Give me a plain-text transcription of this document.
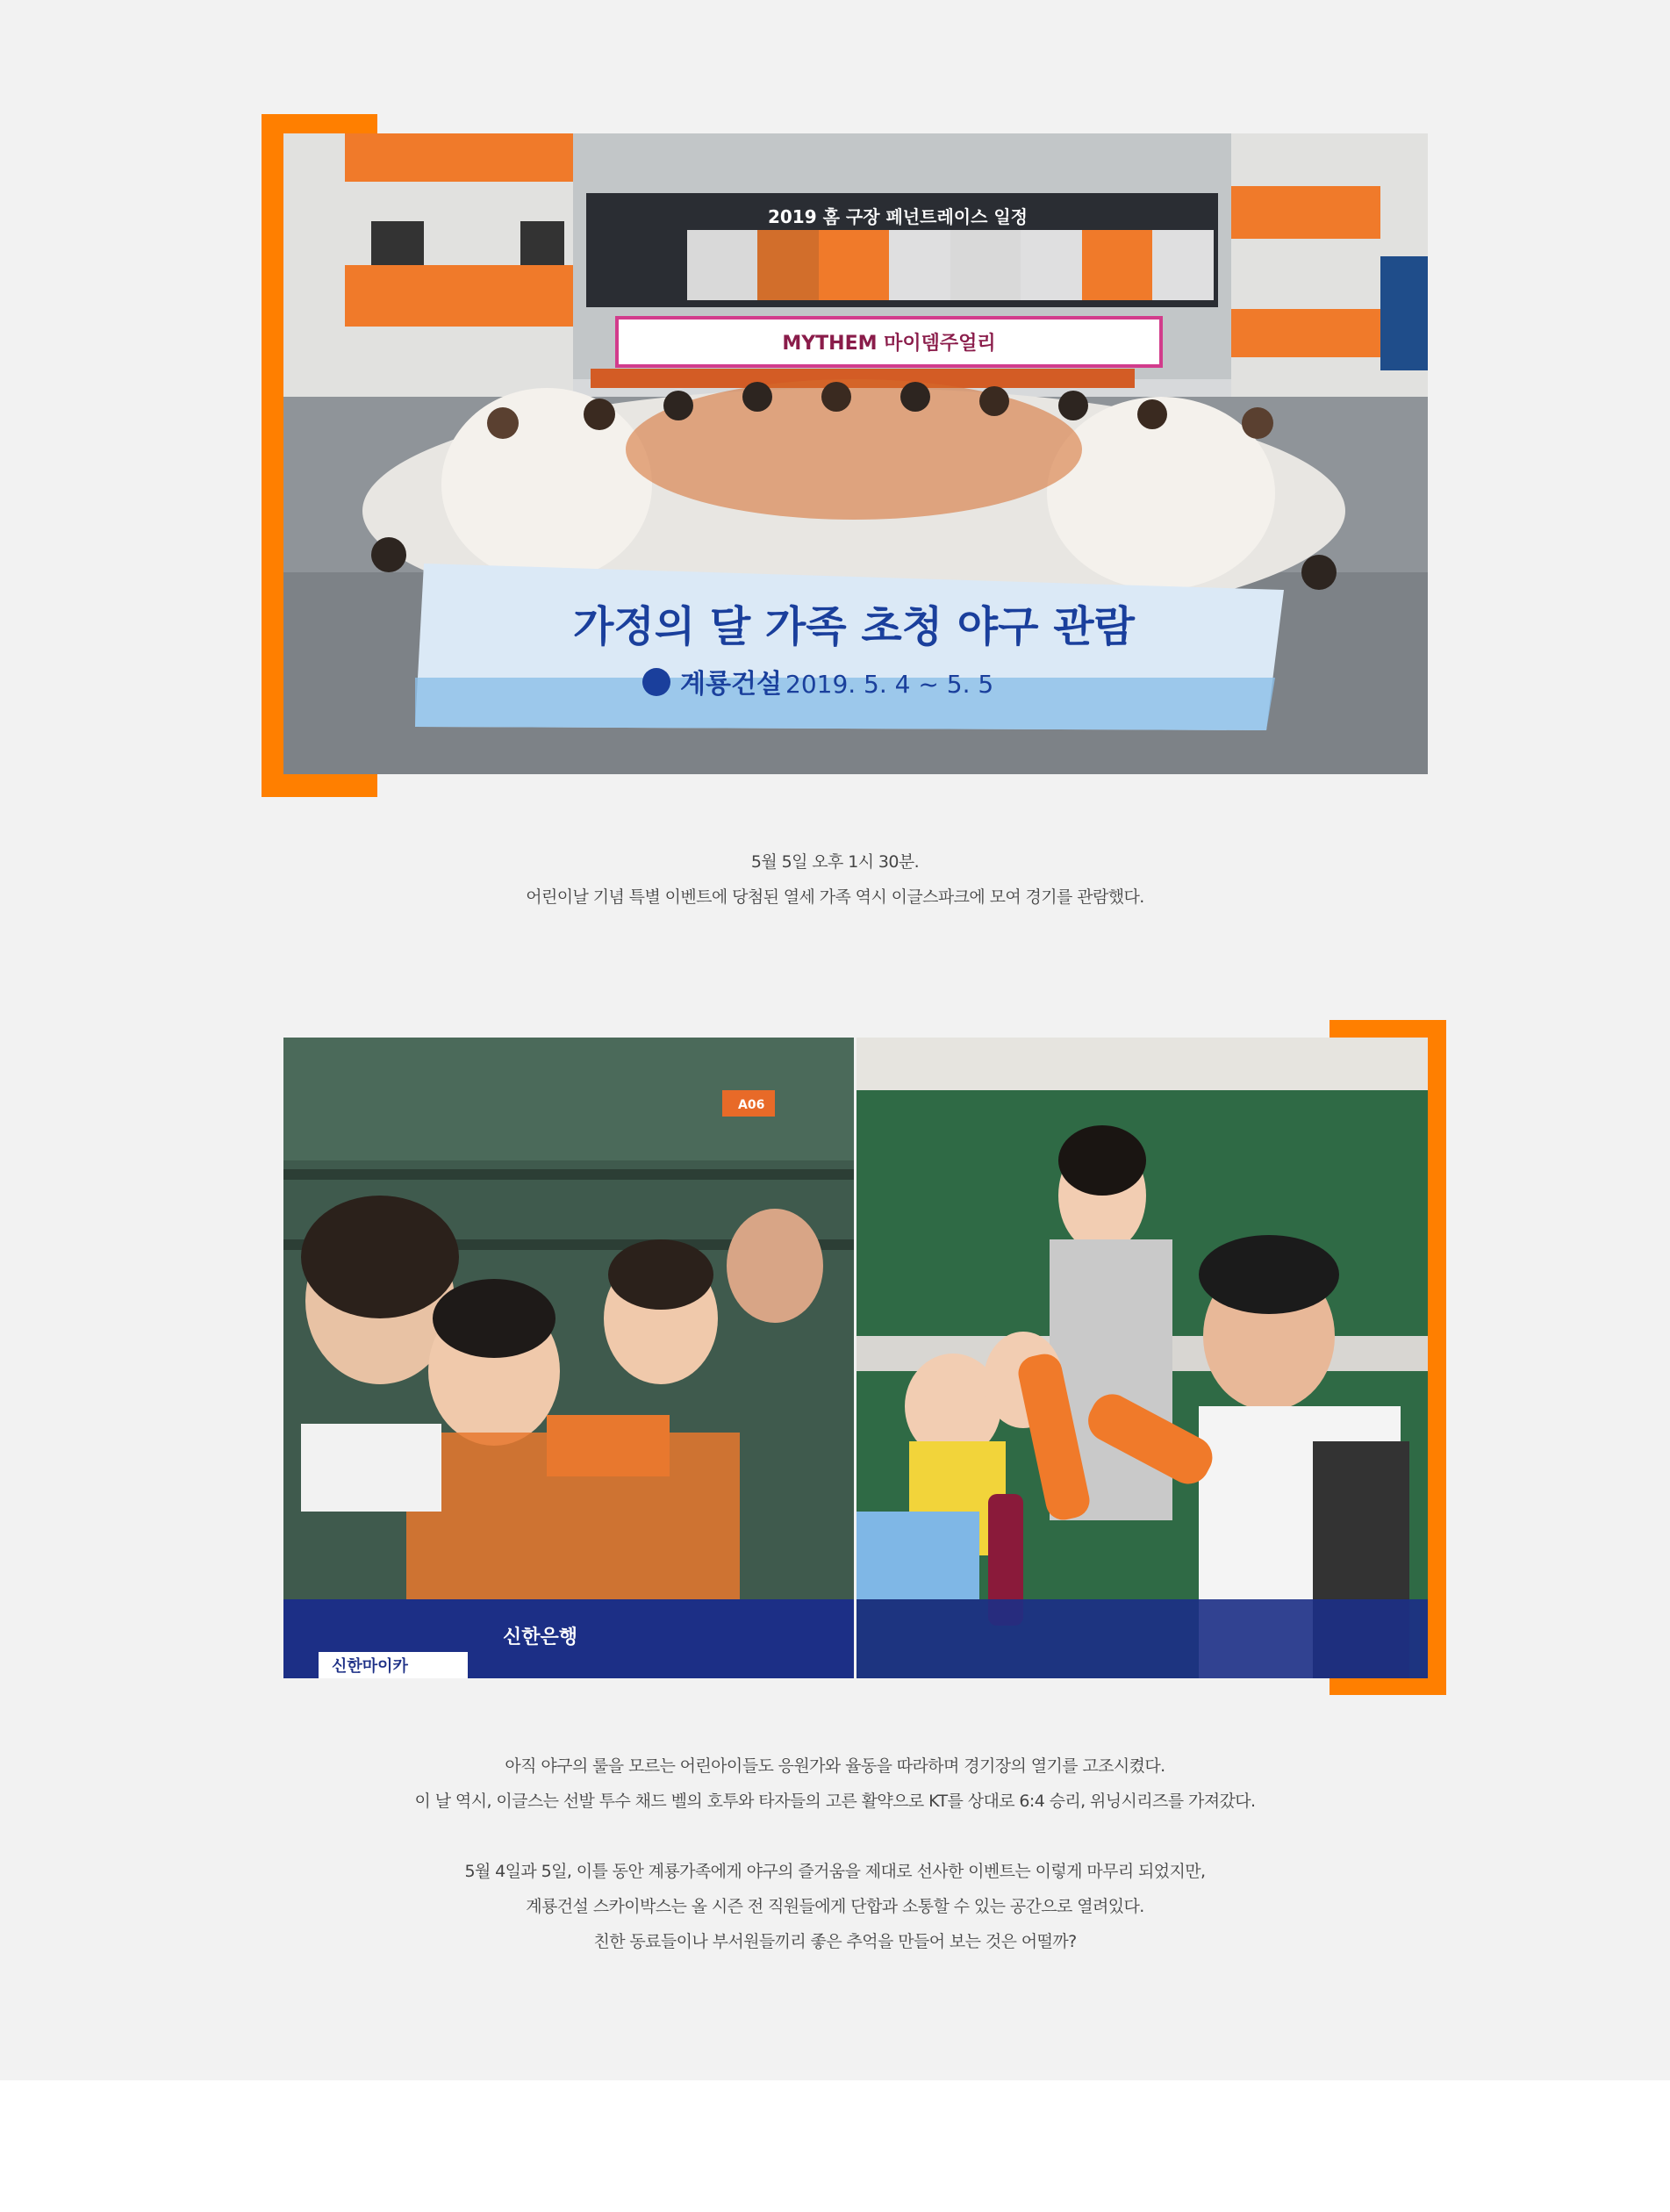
2019 홈 구장 페넌트레이스 일정
MYTHEM 마이뎀주얼리
가정의 달 가족 초청 야구 관람
계룡건설 2019. 5. 4 ~ 5. 5

5월 5일 오후 1시 30분.

어린이날 기념 특별 이벤트에 당첨된 열세 가족 역시 이글스파크에 모여 경기를 관람했다.

A06
신한은행
신한마이카

아직 야구의 룰을 모르는 어린아이들도 응원가와 율동을 따라하며 경기장의 열기를 고조시켰다.

이 날 역시, 이글스는 선발 투수 채드 벨의 호투와 타자들의 고른 활약으로 KT를 상대로 6:4 승리, 위닝시리즈를 가져갔다.

5월 4일과 5일, 이틀 동안 계룡가족에게 야구의 즐거움을 제대로 선사한 이벤트는 이렇게 마무리 되었지만,

계룡건설 스카이박스는 올 시즌 전 직원들에게 단합과 소통할 수 있는 공간으로 열려있다.

친한 동료들이나 부서원들끼리 좋은 추억을 만들어 보는 것은 어떨까?
